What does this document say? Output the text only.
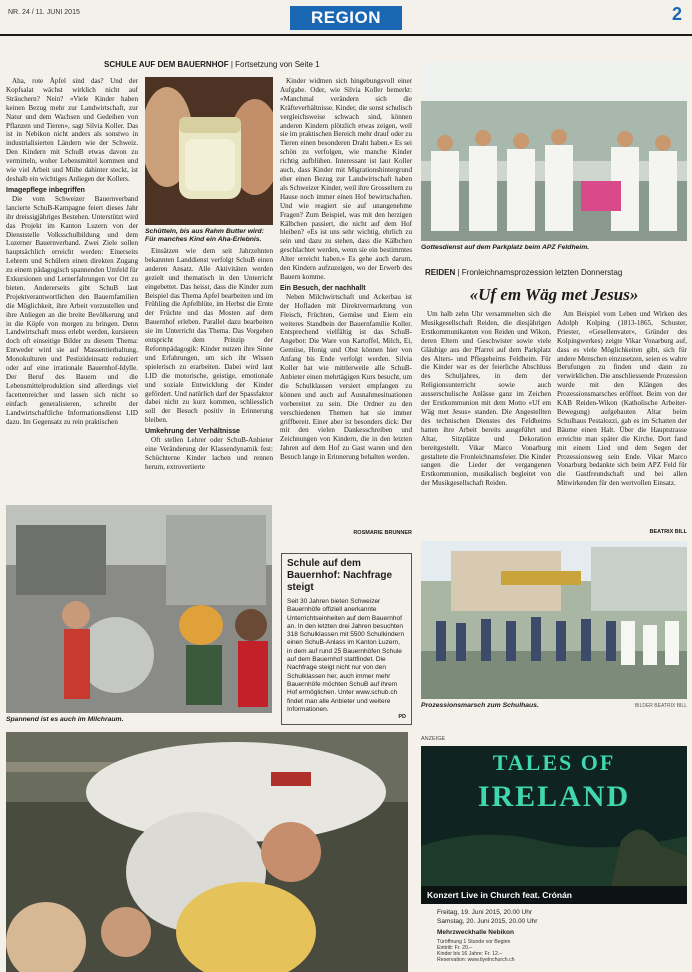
NR. 24 / 11. JUNI 2015	REGION	2
SCHULE AUF DEM BAUERNHOF | Fortsetzung von Seite 1

Aha, rote Äpfel sind das? Und der Kopfsalat wächst wirklich nicht auf Sträuchern? Nein? «Viele Kinder haben keinen Bezug mehr zur Landwirtschaft, zur Natur und dem Wachsen und Gedeihen von Pflanzen und Tieren», sagt Silvia Koller. Das ist in Nebikon nicht anders als sonstwo in industrialisierten Ländern wie der Schweiz. Den Kindern mit SchuB etwas davon zu vermitteln, woher Lebensmittel kommen und wie viel Arbeit und Mühe dahinter steckt, ist deshalb ein wichtiges Anliegen der Kollers.

Imagepflege inbegriffen

Die vom Schweizer Bauernverband lancierte SchuB-Kampagne feiert dieses Jahr ihr dreissigjähriges Bestehen. Unterstützt wird das Projekt im Kanton Luzern von der Dienststelle Volksschulbildung und dem Luzerner Bauernverband. Zwei Ziele sollen hauptsächlich erreicht werden: Einerseits Lehrern und Schülern einen direkten Zugang zu einem pädagogisch spannenden Umfeld für Exkursionen und Lernerfahrungen vor Ort zu bieten. Andererseits gibt SchuB laut Projektverantwortlichen den Bauernfamilien die Möglichkeit, ihre Arbeit vorzustellen und ihre Anliegen an die breite Bevölkerung und in die Köpfe von morgen zu bringen. Denn Landwirtschaft muss erlebt werden, kursieren doch oft einseitige Bilder zu diesem Thema: Entweder wird sie auf Massentierhaltung, Monokulturen und Pestizideinsatz reduziert oder auf eine irrationale Bauernhof-Idylle. Der Beruf des Bauern und die Lebensmittelproduktion sind allerdings viel facettenreicher und lassen sich nicht so einfach generalisieren, schreibt der Landwirtschaftliche Informationsdienst LID dazu. Im Gegensatz zu rein praktischen

Schütteln, bis aus Rahm Butter wird: Für manches Kind ein Aha-Erlebnis.

Einsätzen wie dem seit Jahrzehnten bekannten Landdienst verfolgt SchuB einen anderen Ansatz. Alle Aktivitäten werden gezielt und thematisch in den Unterricht eingebettet. Das heisst, dass die Kinder zum Beispiel das Thema Apfel bearbeiten und im Frühling die Apfelblüte, im Herbst die Ernte der Früchte und das Mosten auf dem Bauernhof erleben. Parallel dazu bearbeiten sie im Unterricht das Thema. Das Vorgehen entspricht dem Prinzip der Reformpädagogik: Kinder nutzen ihre Sinne und Erfahrungen, um sich ihr Wissen spielerisch zu erarbeiten. Dabei wird laut LID die motorische, geistige, emotionale und soziale Entwicklung der Kinder gefördert. Und natürlich darf der Spassfaktor dabei nicht zu kurz kommen, schliesslich soll der Besuch positiv in Erinnerung bleiben.

Umkehrung der Verhältnisse

Oft stellen Lehrer oder SchuB-Anbieter eine Veränderung der Klassendynamik fest: Schüchterne Kinder lachen und rennen herum, extrovertierte

Kinder widmen sich hingebungsvoll einer Aufgabe. Oder, wie Silvia Koller bemerkt: «Manchmal verändern sich die Kräfteverhältnisse. Kinder, die sonst schulisch vergleichsweise schwach sind, können anderen Kindern plötzlich etwas zeigen, weil sie im praktischen Bereich mehr drauf oder zu Tieren einen besonderen Draht haben.» Es sei schön zu verfolgen, wie manche Kinder richtig aufblühen. Interessant ist laut Koller auch, dass Kinder mit Migrationshintergrund eher einen Bezug zur Landwirtschaft haben als Schweizer Kinder, weil ihre Grosseltern zu Hause noch immer einen Hof bewirtschaften. Und wie reagiert sie auf unangenehme Fragen? Zum Beispiel, was mit den herzigen Kälbchen passiert, die nicht auf dem Hof bleiben? «Es ist uns sehr wichtig, ehrlich zu sein und dazu zu stehen, dass die Kälbchen geschlachtet werden, wenn sie ein bestimmtes Alter erreicht haben.» Es gehe auch darum, den Kindern aufzuzeigen, wo der Erwerb des Bauern komme.

Ein Besuch, der nachhallt

Neben Milchwirtschaft und Ackerbau ist der Hofladen mit Direktvermarktung von Fleisch, Früchten, Gemüse und Eiern ein weiteres Standbein der Bauernfamilie Koller. Entsprechend vielfältig ist das SchuB-Angebot: Die Ware von Kartoffel, Milch, Ei, Gemüse, Honig und Obst können hier von Anfang bis Ende verfolgt werden. Silvia Koller hat wie mittlerweile alle SchuB-Anbieter einen mehrtägigen Kurs besucht, um die Schulklassen versiert empfangen zu können und auch auf Ausnahmesituationen vorbereitet zu sein. Die Ordner zu den verschiedenen Themen hat sie immer griffbereit. Einer aber ist besonders dick: Der mit den vielen Dankesschreiben und Zeichnungen von Kindern, die in den letzten Jahren auf dem Hof zu Gast waren und den Besuch lange in Erinnerung behalten werden.

ROSMARIE BRUNNER
Spannend ist es auch im Milchraum.
Schule auf dem Bauernhof: Nachfrage steigt
Seit 30 Jahren bieten Schweizer Bauernhöfe offiziell anerkannte Unterrichtseinheiten auf dem Bauernhof an. In den letzten drei Jahren besuchten 318 Schulklassen mit 5500 Schulkindern einen SchuB-Anlass im Kanton Luzern, in dem auf rund 25 Bauernhöfen Schule auf dem Bauernhof stattfindet. Die Nachfrage steigt nicht nur von den Schulklassen her, auch immer mehr Bauernhöfe möchten SchuB auf ihrem Hof ermöglichen. Unter www.schub.ch findet man alle Anbieter und weitere Informationen.
PD
Gottesdienst auf dem Parkplatz beim APZ Feldheim.
REIDEN | Fronleichnamsprozession letzten Donnerstag
«Uf em Wäg met Jesus»

Um halb zehn Uhr versammelten sich die Musikgesellschaft Reiden, die diesjährigen Erstkommunikanten von Reiden und Wikon, deren Eltern und Geschwister sowie viele Gläubige aus der Pfarrei auf dem Parkplatz des Alters- und Pflegeheims Feldheim. Für die Kinder war es der feierliche Abschluss des Schuljahres, in dem der Religionsunterricht sowie auch ausserschulische Anlässe ganz im Zeichen der Erstkommunion mit dem Motto «Uf em Wäg met Jesus» standen. Die Angestellten des technischen Dienstes des Feldheims hatten ihre Arbeit bereits ausgeführt und Altar, Sitzplätze und Dekoration bereitgestellt. Vikar Marco Vonarburg gestaltete die Fronleichnamsfeier. Die Kinder sangen die Lieder der vergangenen Erstkommunion, musikalisch begleitet von der Musikgesellschaft Reiden.

Am Beispiel vom Leben und Wirken des Adolph Kolping (1813-1865, Schuster, Priester, «Gesellenvater», Gründer des Kolpingwerkes) zeigte Vikar Vonarburg auf, dass es viele Möglichkeiten gibt, sich für andere Menschen einzusetzen, seien es wahre Berufungen zu finden und dann zu verwirklichen. Die anschliessende Prozession wurde mit den Klängen des Prozessionsmarsches eröffnet. Beim von der KAB Reiden-Wikon (Katholische Arbeiter-Bewegung) aufgebauten Altar beim Schulhaus Pestalozzi, gab es im Schatten der Bäume einen Halt. Über die Hauptstrasse erreichte man später die Kirche. Dort fand mit einem Lied und dem Segen der Prozessionsweg sein Ende. Vikar Marco Vonarburg bedankte sich beim APZ Feld für die Gastfreundschaft und bei allen Mitwirkenden für den wertvollen Einsatz.

BEATRIX BILL
Prozessionsmarsch zum Schulhaus.	BILDER BEATRIX BILL
ANZEIGE
TALES OF
IRELAND
Konzert Live in Church feat. Crónán
Freitag, 19. Juni 2015, 20.00 Uhr
Samstag, 20. Juni 2015, 20.00 Uhr
Mehrzweckhalle Nebikon
Türöffnung 1 Stunde vor Beginn
Eintritt: Fr. 20.–
Kinder bis 16 Jahre: Fr. 12.–
Reservation: www.tiyelnchurch.ch
